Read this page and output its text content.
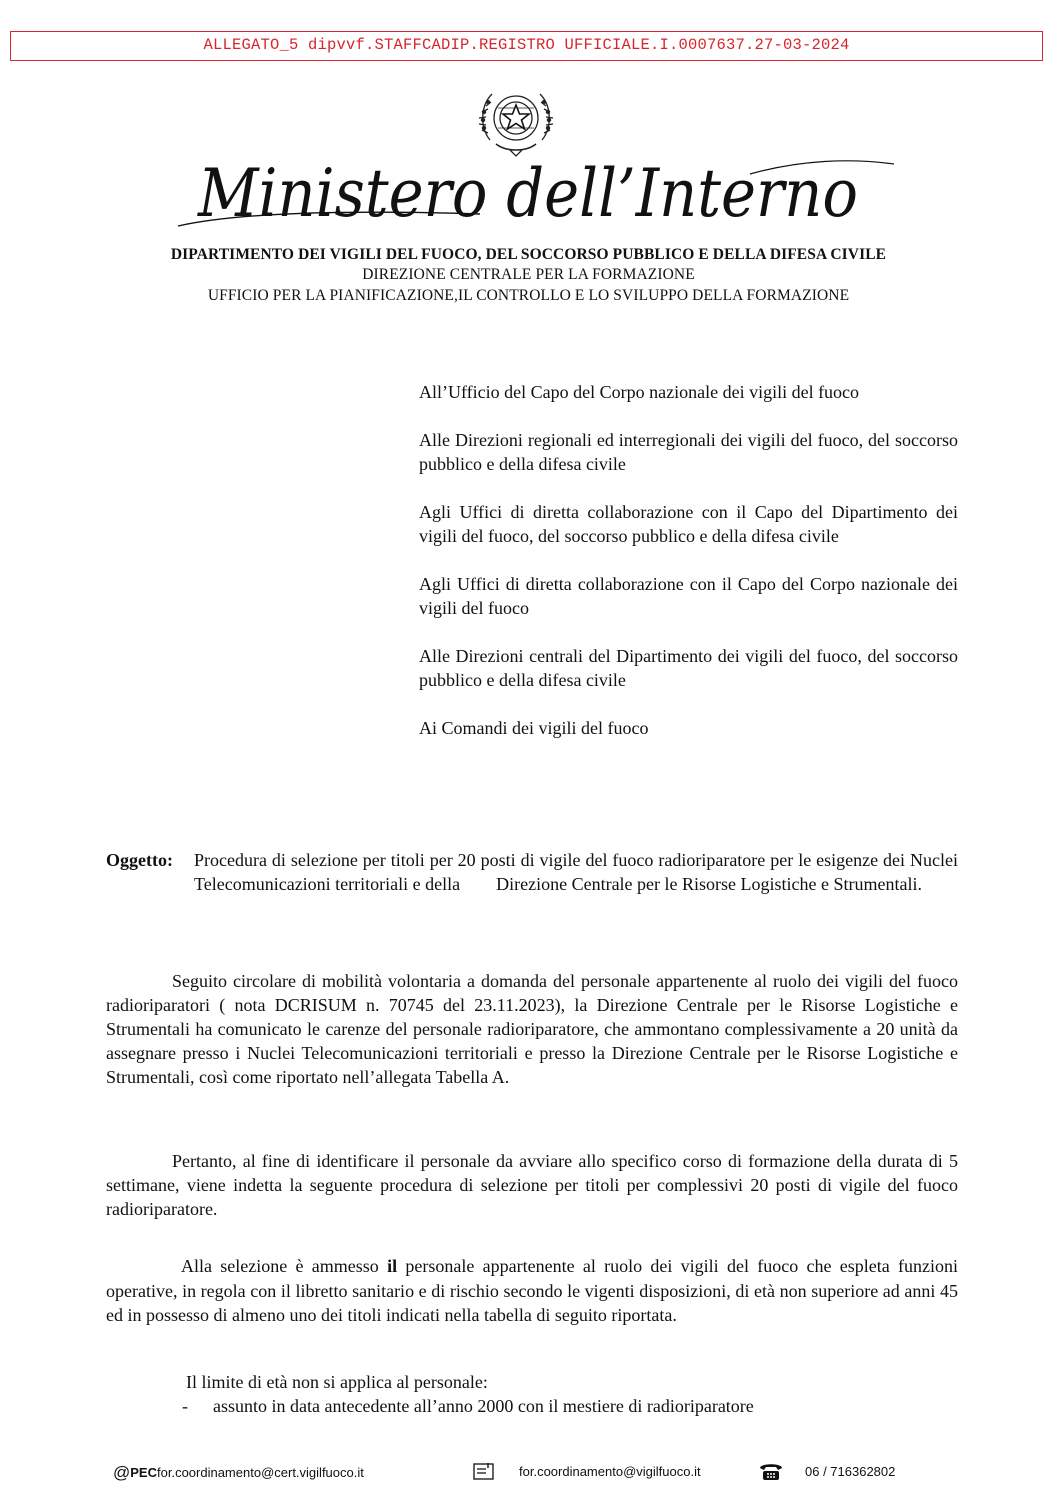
ALLEGATO_5 dipvvf.STAFFCADIP.REGISTRO UFFICIALE.I.0007637.27-03-2024
Ministero dell’Interno
DIPARTIMENTO DEI VIGILI DEL FUOCO, DEL SOCCORSO PUBBLICO E DELLA DIFESA CIVILE
DIREZIONE CENTRALE PER LA FORMAZIONE
UFFICIO PER LA PIANIFICAZIONE,IL CONTROLLO E LO SVILUPPO DELLA FORMAZIONE

All’Ufficio del Capo del Corpo nazionale dei vigili del fuoco

Alle Direzioni regionali ed interregionali dei vigili del fuoco, del soccorso pubblico e della difesa civile

Agli Uffici di diretta collaborazione con il Capo del Dipartimento dei vigili del fuoco, del soccorso pubblico e della difesa civile

Agli Uffici di diretta collaborazione con il Capo del Corpo nazionale dei vigili del fuoco

Alle Direzioni centrali del Dipartimento dei vigili del fuoco, del soccorso pubblico e della difesa civile

Ai Comandi dei vigili del fuoco

Oggetto: Procedura di selezione per titoli per 20 posti di vigile del fuoco radioriparatore per le esigenze dei Nuclei Telecomunicazioni territoriali e della        Direzione Centrale per le Risorse Logistiche e Strumentali.
Seguito circolare di mobilità volontaria a domanda del personale appartenente al ruolo dei vigili del fuoco radioriparatori ( nota DCRISUM n. 70745 del 23.11.2023), la Direzione Centrale per le Risorse Logistiche e Strumentali ha comunicato le carenze del personale radioriparatore, che ammontano complessivamente a 20 unità da assegnare presso i Nuclei Telecomunicazioni territoriali e presso la Direzione Centrale per le Risorse Logistiche e Strumentali, così come riportato nell’allegata Tabella A.
Pertanto, al fine di identificare il personale da avviare allo specifico corso di formazione della durata di 5 settimane, viene indetta la seguente procedura di selezione per titoli per complessivi 20 posti di vigile del fuoco radioriparatore.
Alla selezione è ammesso il personale appartenente al ruolo dei vigili del fuoco che espleta funzioni operative, in regola con il libretto sanitario e di rischio secondo le vigenti disposizioni, di età non superiore ad anni 45 ed in possesso di almeno uno dei titoli indicati nella tabella di seguito riportata.
Il limite di età non si applica al personale:
- assunto in data antecedente all’anno 2000 con il mestiere di radioriparatore
@PECfor.coordinamento@cert.vigilfuoco.it	for.coordinamento@vigilfuoco.it	06 / 716362802
